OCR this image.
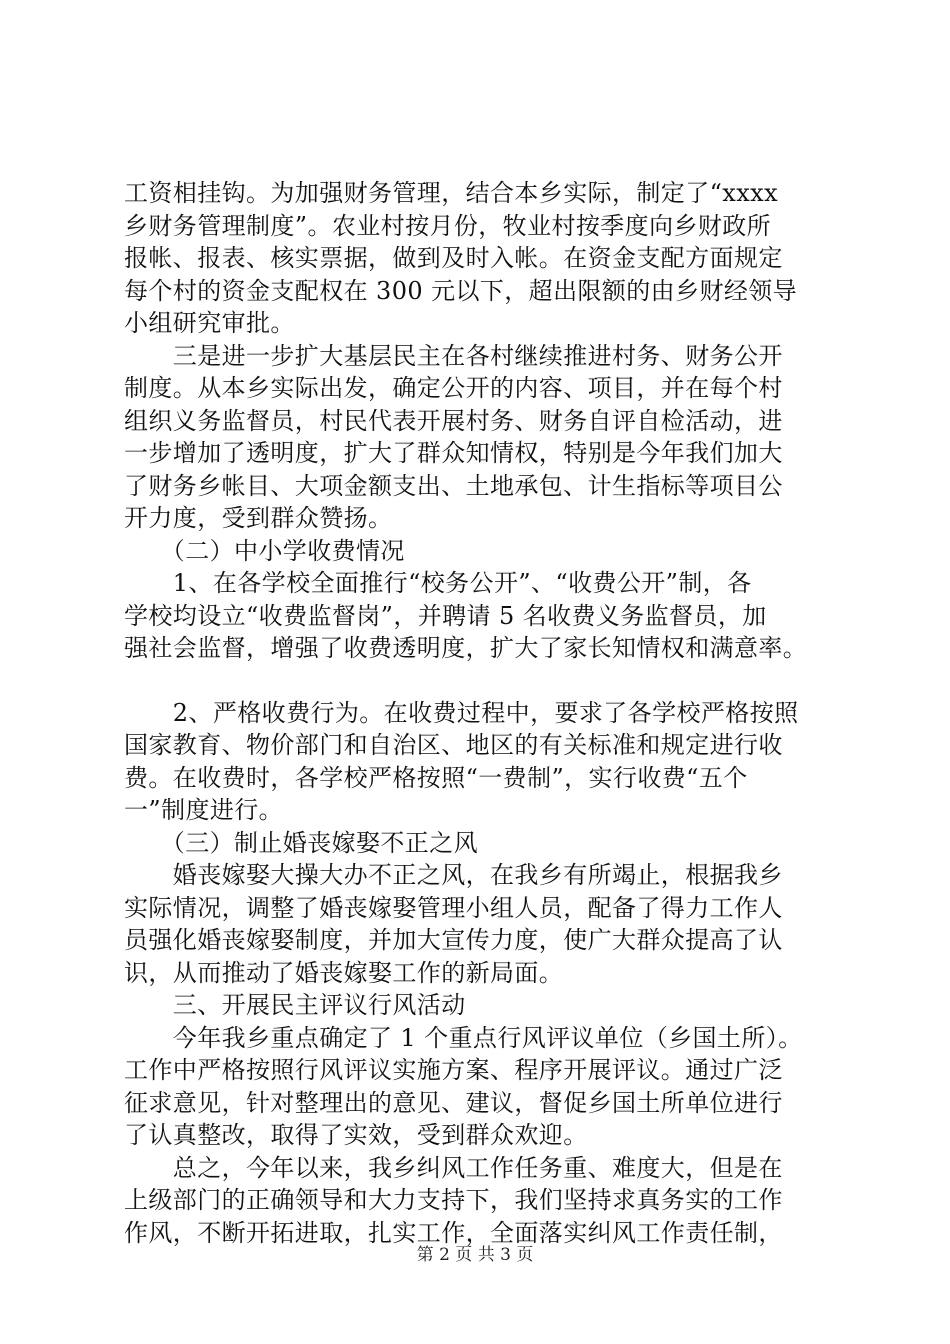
工资相挂钩。为加强财务管理，结合本乡实际，制定了“xxxx
乡财务管理制度”。农业村按月份，牧业村按季度向乡财政所
报帐、报表、核实票据，做到及时入帐。在资金支配方面规定
每个村的资金支配权在 300 元以下，超出限额的由乡财经领导
小组研究审批。
　　三是进一步扩大基层民主在各村继续推进村务、财务公开
制度。从本乡实际出发，确定公开的内容、项目，并在每个村
组织义务监督员，村民代表开展村务、财务自评自检活动，进
一步增加了透明度，扩大了群众知情权，特别是今年我们加大
了财务乡帐目、大项金额支出、土地承包、计生指标等项目公
开力度，受到群众赞扬。
　　（二）中小学收费情况
　　1、在各学校全面推行“校务公开”、“收费公开”制，各
学校均设立“收费监督岗”，并聘请 5 名收费义务监督员，加
强社会监督，增强了收费透明度，扩大了家长知情权和满意率。
　　2、严格收费行为。在收费过程中，要求了各学校严格按照
国家教育、物价部门和自治区、地区的有关标准和规定进行收
费。在收费时，各学校严格按照“一费制”，实行收费“五个
一”制度进行。
　　（三）制止婚丧嫁娶不正之风
　　婚丧嫁娶大操大办不正之风，在我乡有所竭止，根据我乡
实际情况，调整了婚丧嫁娶管理小组人员，配备了得力工作人
员强化婚丧嫁娶制度，并加大宣传力度，使广大群众提高了认
识，从而推动了婚丧嫁娶工作的新局面。
　　三、开展民主评议行风活动
　　今年我乡重点确定了 1 个重点行风评议单位（乡国土所）。
工作中严格按照行风评议实施方案、程序开展评议。通过广泛
征求意见，针对整理出的意见、建议，督促乡国土所单位进行
了认真整改，取得了实效，受到群众欢迎。
　　总之，今年以来，我乡纠风工作任务重、难度大，但是在
上级部门的正确领导和大力支持下，我们坚持求真务实的工作
作风，不断开拓进取，扎实工作，全面落实纠风工作责任制，
第 2 页 共 3 页
